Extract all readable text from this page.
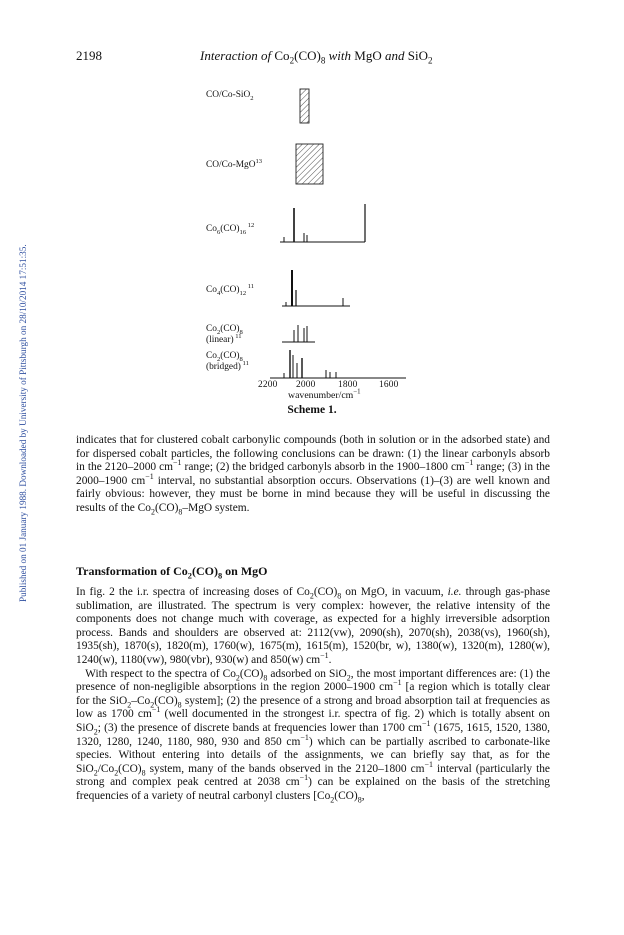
Published on 01 January 1988. Downloaded by University of Pittsburgh on 28/10/2014 17:51:35.
2198	Interaction of $Co_2(CO)_8$ with MgO and SiO$_2$
CO/Co-SiO$_2$
CO/Co-MgO$^{13}$
$Co_6(CO)_{16}$ $^{12}$
$Co_4(CO)_{12}$ $^{11}$
$Co_2(CO)_8$
(linear) $^{11}$
$Co_2(CO)_8$
(bridged) $^{11}$
2200 2000 1800 1600
wavenumber/$cm^{-1}$
Scheme 1.

indicates that for clustered cobalt carbonylic compounds (both in solution or in the adsorbed state) and for dispersed cobalt particles, the following conclusions can be drawn: (1) the linear carbonyls absorb in the 2120–2000 $cm^{-1}$ range; (2) the bridged carbonyls absorb in the 1900–1800 $cm^{-1}$ range; (3) in the 2000–1900 $cm^{-1}$ interval, no substantial absorption occurs. Observations (1)–(3) are well known and fairly obvious: however, they must be borne in mind because they will be useful in discussing the results of the $Co_2(CO)_8$–MgO system.

Transformation of $Co_2(CO)_8$ on MgO

In fig. 2 the i.r. spectra of increasing doses of $Co_2(CO)_8$ on MgO, in vacuum, i.e. through gas-phase sublimation, are illustrated. The spectrum is very complex: however, the relative intensity of the components does not change much with coverage, as expected for a highly irreversible adsorption process. Bands and shoulders are observed at: 2112(vw), 2090(sh), 2070(sh), 2038(vs), 1960(sh), 1935(sh), 1870(s), 1820(m), 1760(w), 1675(m), 1615(m), 1520(br, w), 1380(w), 1320(m), 1280(w), 1240(w), 1180(vw), 980(vbr), 930(w) and 850(w) $cm^{-1}$.

With respect to the spectra of $Co_2(CO)_8$ adsorbed on SiO$_2$, the most important differences are: (1) the presence of non-negligible absorptions in the region 2000–1900 $cm^{-1}$ [a region which is totally clear for the $SiO_2-Co_2(CO)_8$ system]; (2) the presence of a strong and broad absorption tail at frequencies as low as 1700 $cm^{-1}$ (well documented in the strongest i.r. spectra of fig. 2) which is totally absent on SiO$_2$; (3) the presence of discrete bands at frequencies lower than 1700 $cm^{-1}$ (1675, 1615, 1520, 1380, 1320, 1280, 1240, 1180, 980, 930 and 850 $cm^{-1}$) which can be partially ascribed to carbonate-like species. Without entering into details of the assignments, we can briefly say that, as for the $SiO_2/Co_2(CO)_8$ system, many of the bands observed in the 2120–1800 $cm^{-1}$ interval (particularly the strong and complex peak centred at 2038 $cm^{-1}$) can be explained on the basis of the stretching frequencies of a variety of neutral carbonyl clusters [$Co_2(CO)_8$,
